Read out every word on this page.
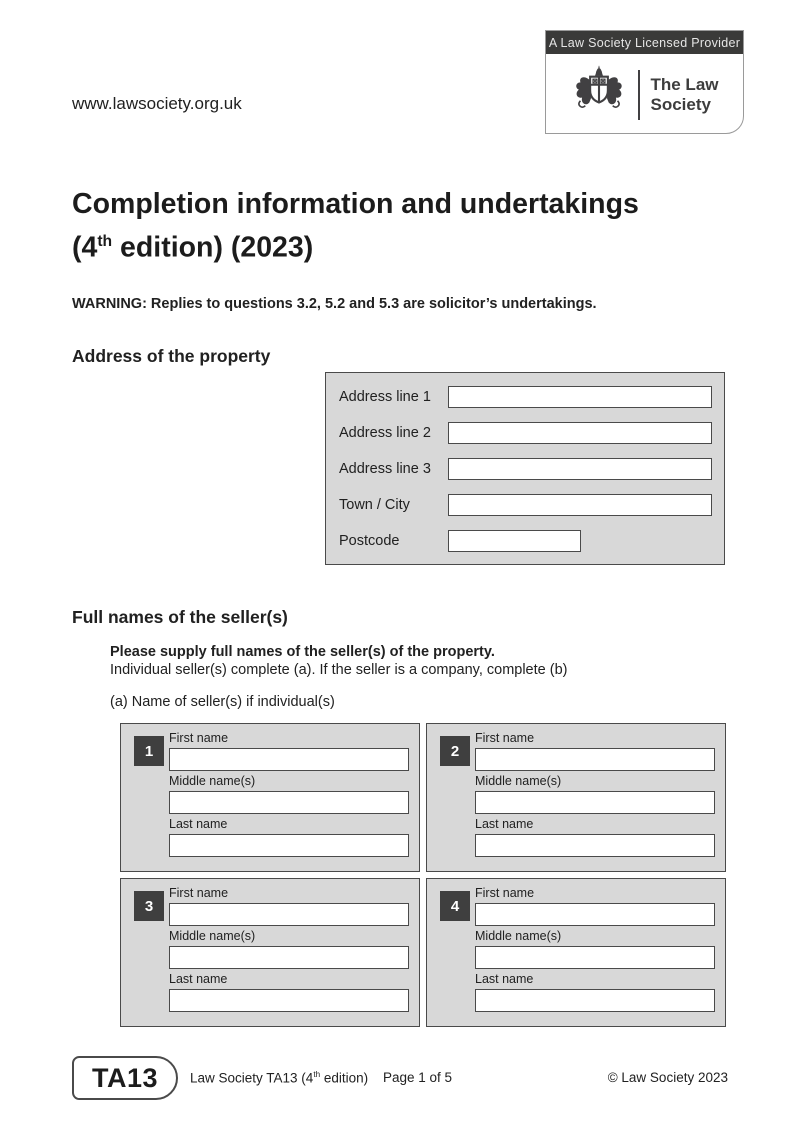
www.lawsociety.org.uk
A Law Society Licensed Provider
The Law
Society
Completion information and undertakings
(4th edition) (2023)
WARNING: Replies to questions 3.2, 5.2 and 5.3 are solicitor’s undertakings.
Address of the property
Address line 1
Address line 2
Address line 3
Town / City
Postcode
Full names of the seller(s)
Please supply full names of the seller(s) of the property.
Individual seller(s) complete (a). If the seller is a company, complete (b)
(a) Name of seller(s) if individual(s)
1
First name
Middle name(s)
Last name
2
First name
Middle name(s)
Last name
3
First name
Middle name(s)
Last name
4
First name
Middle name(s)
Last name
TA13	Law Society TA13 (4th edition) Page 1 of 5	© Law Society 2023
